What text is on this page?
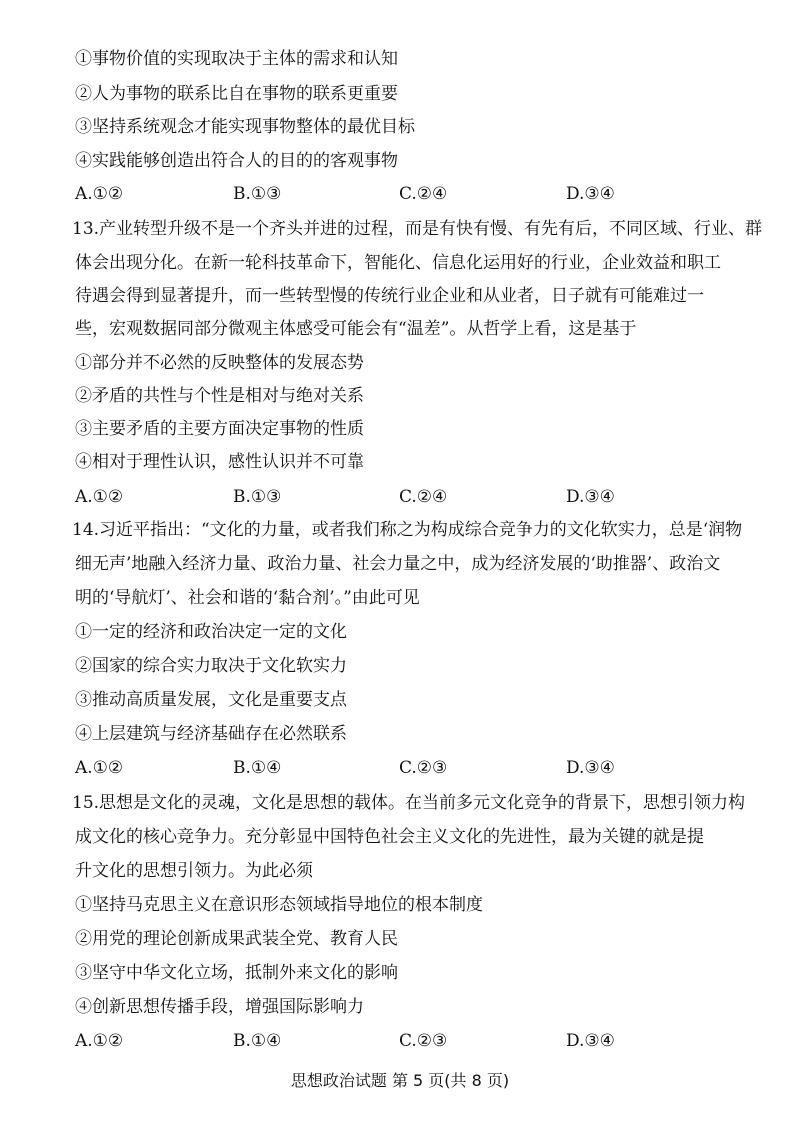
①事物价值的实现取决于主体的需求和认知
②人为事物的联系比自在事物的联系更重要
③坚持系统观念才能实现事物整体的最优目标
④实践能够创造出符合人的目的的客观事物
A.①②	B.①③	C.②④	D.③④
13.产业转型升级不是一个齐头并进的过程，而是有快有慢、有先有后，不同区域、行业、群
体会出现分化。在新一轮科技革命下，智能化、信息化运用好的行业，企业效益和职工
待遇会得到显著提升，而一些转型慢的传统行业企业和从业者，日子就有可能难过一
些，宏观数据同部分微观主体感受可能会有“温差”。从哲学上看，这是基于
①部分并不必然的反映整体的发展态势
②矛盾的共性与个性是相对与绝对关系
③主要矛盾的主要方面决定事物的性质
④相对于理性认识，感性认识并不可靠
A.①②	B.①③	C.②④	D.③④
14.习近平指出：“文化的力量，或者我们称之为构成综合竞争力的文化软实力，总是‘润物
细无声’地融入经济力量、政治力量、社会力量之中，成为经济发展的‘助推器’、政治文
明的‘导航灯’、社会和谐的‘黏合剂’。”由此可见
①一定的经济和政治决定一定的文化
②国家的综合实力取决于文化软实力
③推动高质量发展，文化是重要支点
④上层建筑与经济基础存在必然联系
A.①②	B.①④	C.②③	D.③④
15.思想是文化的灵魂，文化是思想的载体。在当前多元文化竞争的背景下，思想引领力构
成文化的核心竞争力。充分彰显中国特色社会主义文化的先进性，最为关键的就是提
升文化的思想引领力。为此必须
①坚持马克思主义在意识形态领域指导地位的根本制度
②用党的理论创新成果武装全党、教育人民
③坚守中华文化立场，抵制外来文化的影响
④创新思想传播手段，增强国际影响力
A.①②	B.①④	C.②③	D.③④
思想政治试题 第 5 页(共 8 页)
